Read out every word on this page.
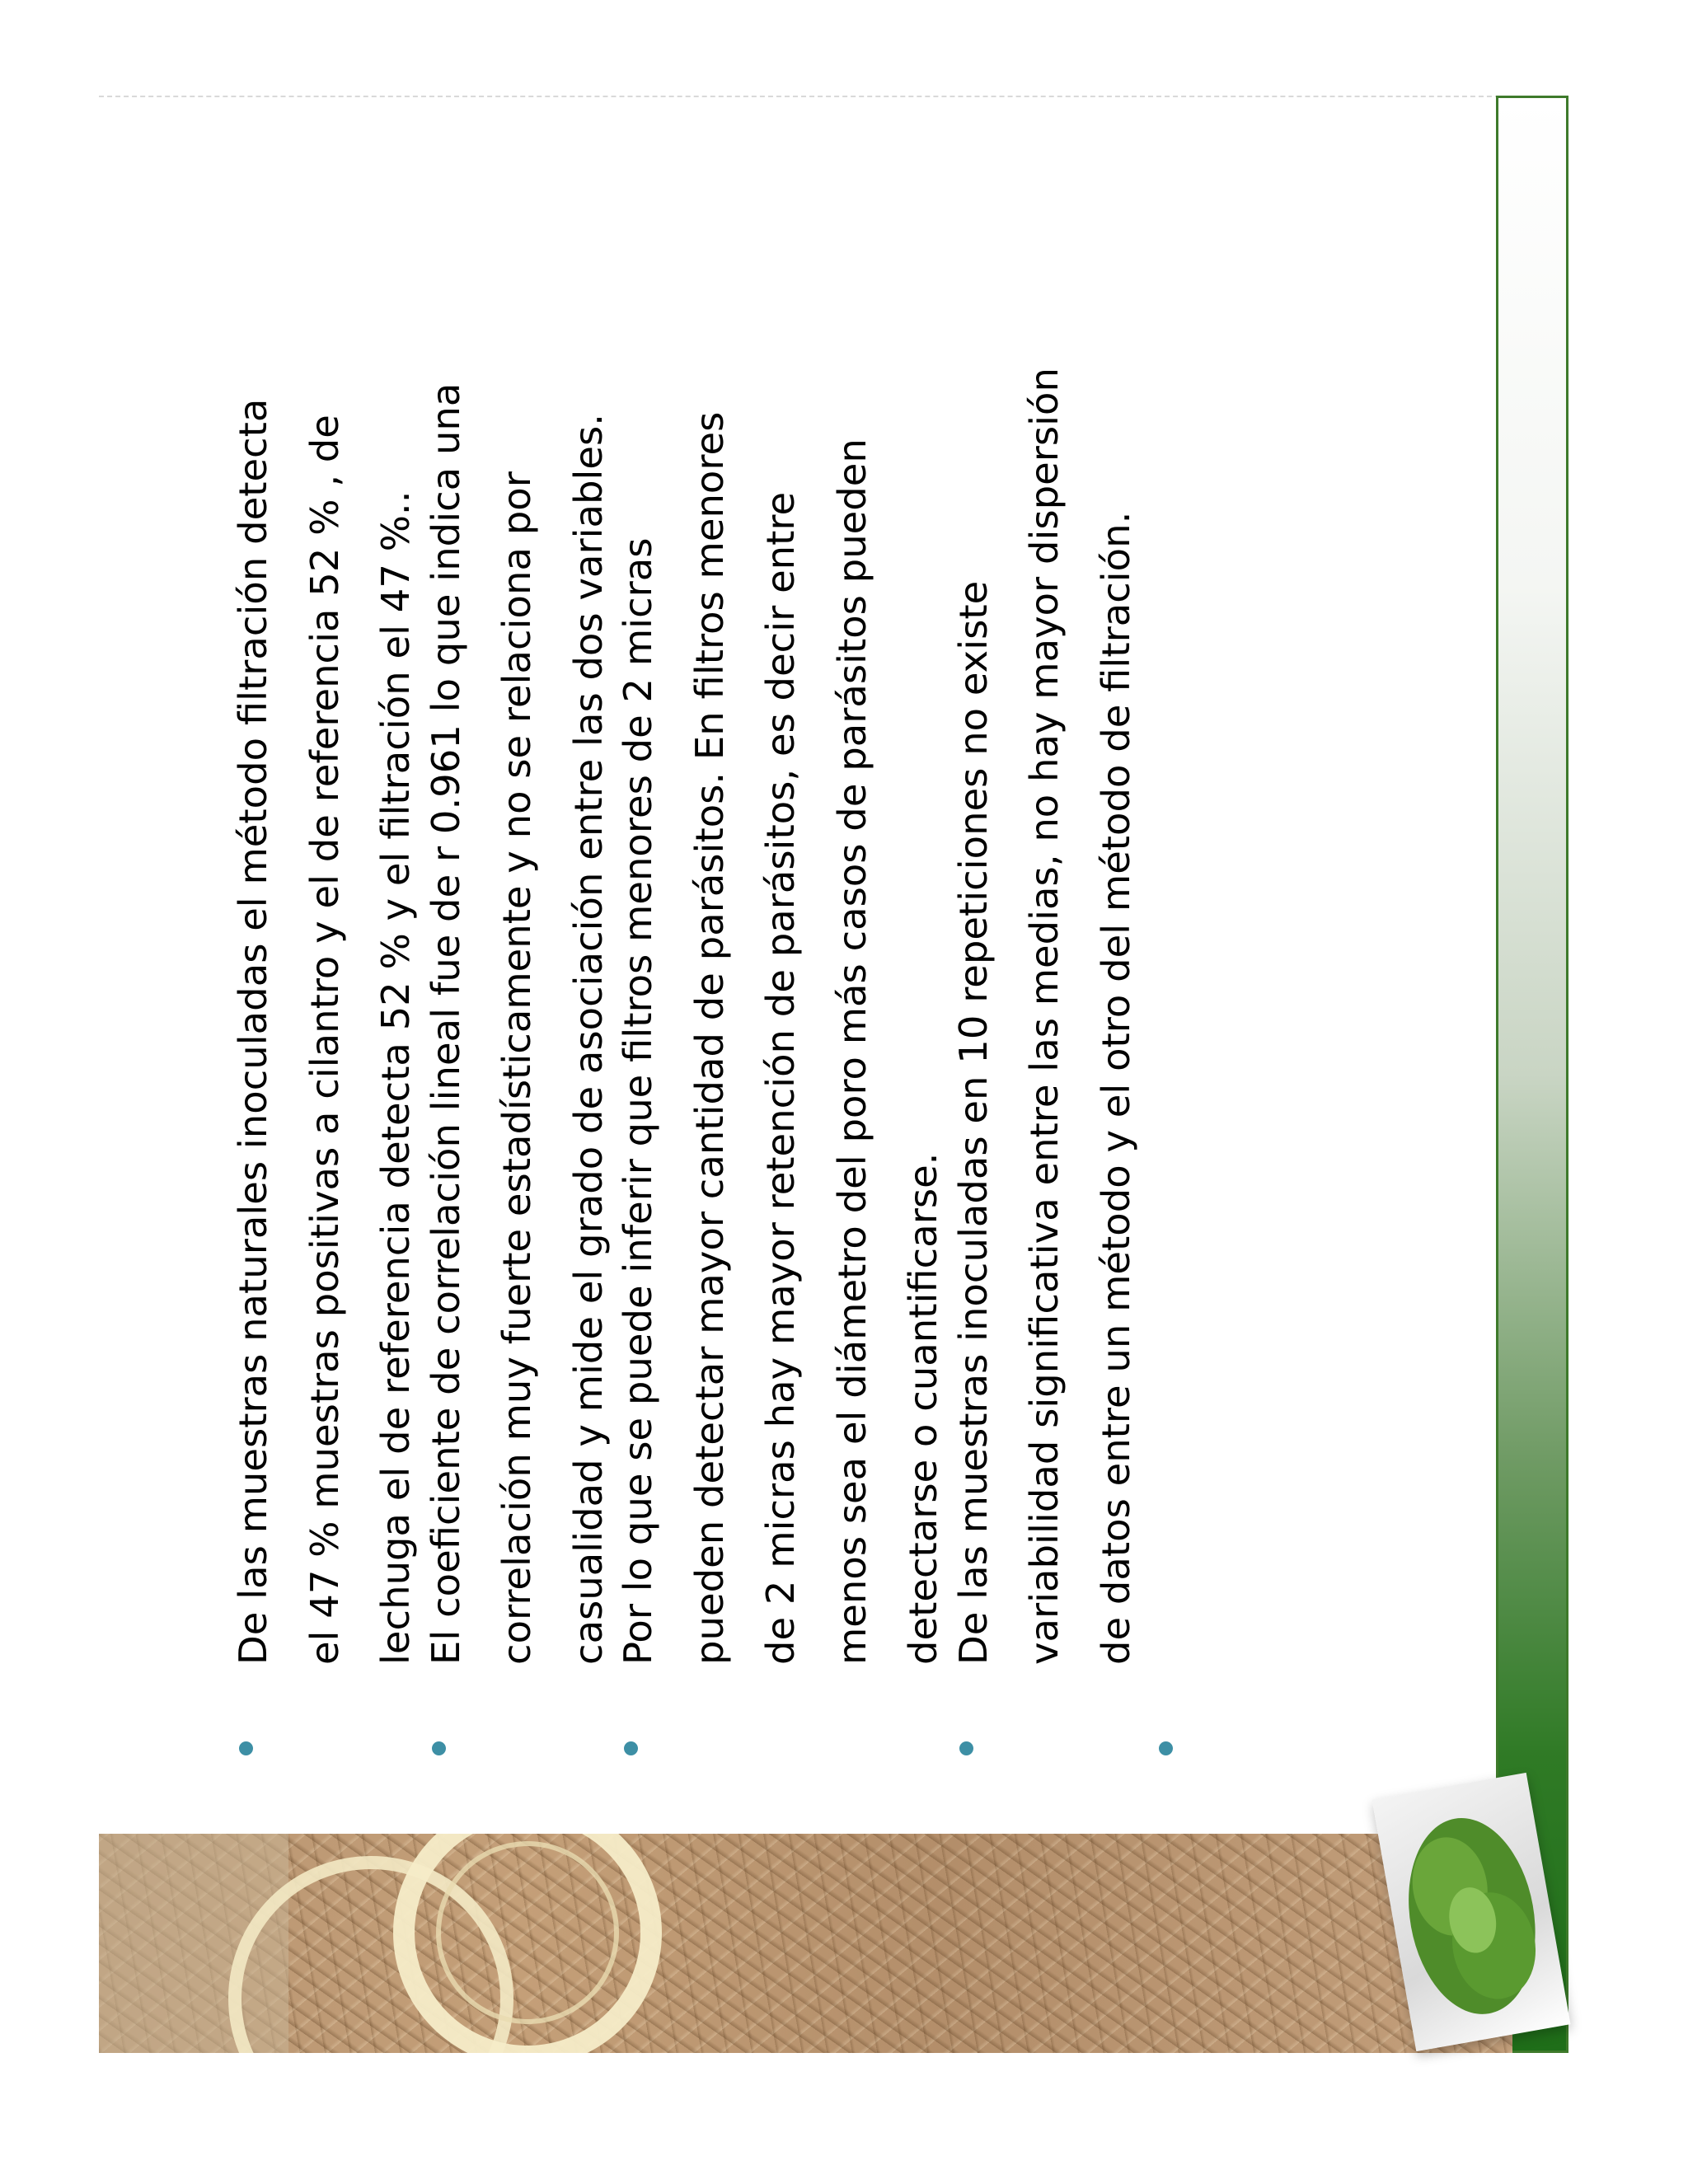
De las muestras naturales inoculadas el método filtración detecta
el 47 % muestras positivas a cilantro y el de referencia 52 % , de
lechuga el de referencia detecta 52 % y el filtración el 47 %..
El coeficiente de correlación lineal fue de r 0.961 lo que indica una
correlación muy fuerte estadísticamente y no se relaciona por
casualidad y mide el grado de asociación entre las dos variables.
Por lo que se puede inferir que filtros menores de 2 micras
pueden detectar mayor cantidad de parásitos. En filtros menores
de 2 micras hay mayor retención de parásitos, es decir entre
menos sea el diámetro del poro más casos de parásitos pueden
detectarse o cuantificarse.
De las muestras inoculadas en 10 repeticiones no existe
variabilidad significativa entre las medias, no hay mayor dispersión
de datos entre un método y el otro del método de filtración.
